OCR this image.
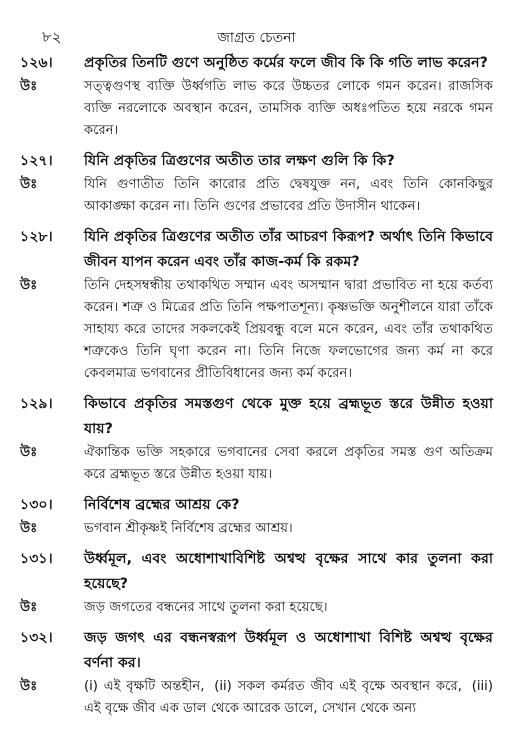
৮২	জাগ্রত চেতনা
১২৬।	প্রকৃতির তিনটি গুণে অনুষ্ঠিত কর্মের ফলে জীব কি কি গতি লাভ করেন?
উঃ	সত্ত্বগুণস্থ ব্যক্তি উর্ধ্বগতি লাভ করে উচ্চতর লোকে গমন করেন। রাজসিক ব্যক্তি নরলোকে অবস্থান করেন, তামসিক ব্যক্তি অধঃপতিত হয়ে নরকে গমন করেন।
১২৭।	যিনি প্রকৃতির ত্রিগুণের অতীত তার লক্ষণ গুলি কি কি?
উঃ	যিনি গুণাতীত তিনি কারোর প্রতি দ্বেষযুক্ত নন, এবং তিনি কোনকিছুর আকাঙ্ক্ষা করেন না। তিনি গুণের প্রভাবের প্রতি উদাসীন থাকেন।
১২৮।	যিনি প্রকৃতির ত্রিগুণের অতীত তাঁর আচরণ কিরূপ? অর্থাৎ তিনি কিভাবে জীবন যাপন করেন এবং তাঁর কাজ-কর্ম কি রকম?
উঃ	তিনি দেহসম্বন্ধীয় তথাকথিত সম্মান এবং অসম্মান দ্বারা প্রভাবিত না হয়ে কর্তব্য করেন। শত্রু ও মিত্রের প্রতি তিনি পক্ষপাতশূন্য। কৃষ্ণভক্তি অনুশীলনে যারা তাঁকে সাহায্য করে তাদের সকলকেই প্রিয়বন্ধু বলে মনে করেন, এবং তাঁর তথাকথিত শত্রুকেও তিনি ঘৃণা করেন না। তিনি নিজে ফলভোগের জন্য কর্ম না করে কেবলমাত্র ভগবানের প্রীতিবিধানের জন্য কর্ম করেন।
১২৯।	কিভাবে প্রকৃতির সমস্তগুণ থেকে মুক্ত হয়ে ব্রহ্মভূত স্তরে উন্নীত হওয়া যায়?
উঃ	ঐকান্তিক ভক্তি সহকারে ভগবানের সেবা করলে প্রকৃতির সমস্ত গুণ অতিক্রম করে ব্রহ্মভূত স্তরে উন্নীত হওয়া যায়।
১৩০।	নির্বিশেষ ব্রহ্মের আশ্রয় কে?
উঃ	ভগবান শ্রীকৃষ্ণই নির্বিশেষ ব্রহ্মের আশ্রয়।
১৩১।	উর্ধ্বমূল, এবং অধোশাখাবিশিষ্ট অশ্বত্থ বৃক্ষের সাথে কার তুলনা করা হয়েছে?
উঃ	জড় জগতের বন্ধনের সাথে তুলনা করা হয়েছে।
১৩২।	জড় জগৎ এর বন্ধনস্বরূপ উর্ধ্বমূল ও অধোশাখা বিশিষ্ট অশ্বত্থ বৃক্ষের বর্ণনা কর।
উঃ	(i) এই বৃক্ষটি অন্তহীন, (ii) সকল কর্মরত জীব এই বৃক্ষে অবস্থান করে, (iii) এই বৃক্ষে জীব এক ডাল থেকে আরেক ডালে, সেখান থেকে অন্য
